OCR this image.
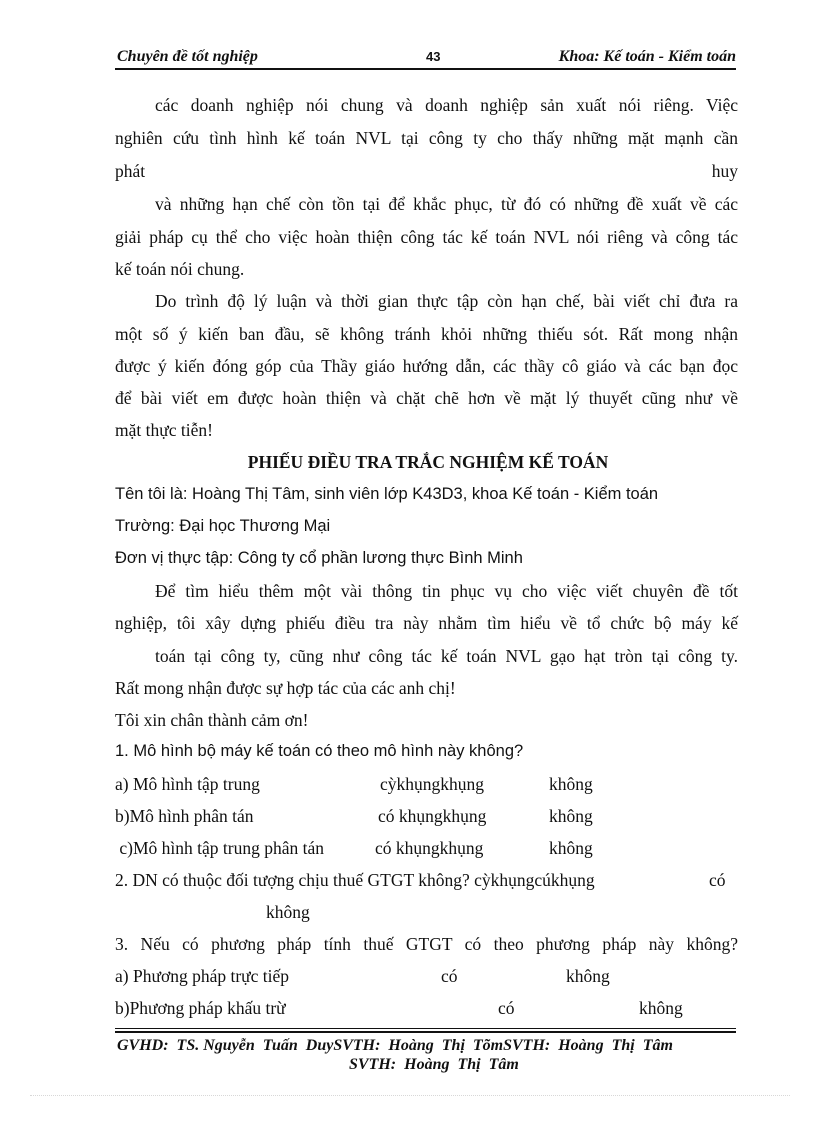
Chuyên đề tốt nghiệp	43	Khoa: Kế toán - Kiểm toán
các doanh nghiệp nói chung và doanh nghiệp sản xuất nói riêng. Việc
nghiên cứu tình hình kế toán NVL tại công ty cho thấy những mặt mạnh cần
phát	huy
và những hạn chế còn tồn tại để khắc phục, từ đó có những đề xuất về các
giải pháp cụ thể cho việc hoàn thiện công tác kế toán NVL nói riêng và công tác
kế toán nói chung.
Do trình độ lý luận và thời gian thực tập còn hạn chế, bài viết chỉ đưa ra
một số ý kiến ban đầu, sẽ không tránh khỏi những thiếu sót. Rất mong nhận
được ý kiến đóng góp của Thầy giáo hướng dẫn, các thầy cô giáo và các bạn đọc
để bài viết em được hoàn thiện và chặt chẽ hơn về mặt lý thuyết cũng như về
mặt thực tiễn!
PHIẾU ĐIỀU TRA TRẮC NGHIỆM KẾ TOÁN
Tên tôi là: Hoàng Thị Tâm, sinh viên lớp K43D3, khoa Kế toán - Kiểm toán
Trường: Đại học Thương Mại
Đơn vị thực tập: Công ty cổ phần lương thực Bình Minh
Để tìm hiểu thêm một vài thông tin phục vụ cho việc viết chuyên đề tốt
nghiệp, tôi xây dựng phiếu điều tra này nhằm tìm hiểu về tổ chức bộ máy kế
toán tại công ty, cũng như công tác kế toán NVL gạo hạt tròn tại công ty.
Rất mong nhận được sự hợp tác của các anh chị!
Tôi xin chân thành cảm ơn!
1. Mô hình bộ máy kế toán có theo mô hình này không?
a) Mô hình tập trung	cỳkhụngkhụng	không
b)Mô hình phân tán	có khụngkhụng	không
c)Mô hình tập trung phân tán	có khụngkhụng	không
2. DN có thuộc đối tượng chịu thuế GTGT không? cỳkhụngcúkhụng	có
không
3. Nếu có phương pháp tính thuế GTGT có theo phương pháp này không?
a) Phương pháp trực tiếp	có	không
b)Phương pháp khấu trừ	có	không
GVHD:  TS. Nguyễn  Tuấn  DuySVTH:  Hoàng  Thị  TõmSVTH:  Hoàng  Thị  Tâm
SVTH:  Hoàng  Thị  Tâm
